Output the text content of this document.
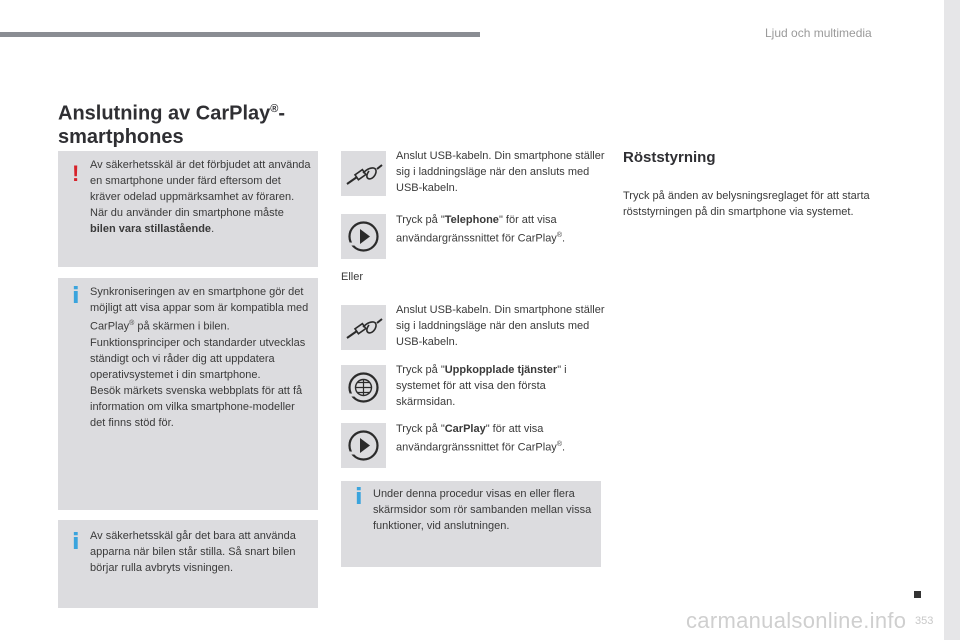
Ljud och multimedia
Anslutning av CarPlay®-
smartphones
! Av säkerhetsskäl är det förbjudet att använda en smartphone under färd eftersom det kräver odelad uppmärksamhet av föraren.
När du använder din smartphone måste bilen vara stillastående.
i Synkroniseringen av en smartphone gör det möjligt att visa appar som är kompatibla med CarPlay® på skärmen i bilen.
Funktionsprinciper och standarder utvecklas ständigt och vi råder dig att uppdatera operativsystemet i din smartphone.
Besök märkets svenska webbplats för att få information om vilka smartphone-modeller det finns stöd för.
i Av säkerhetsskäl går det bara att använda apparna när bilen står stilla. Så snart bilen börjar rulla avbryts visningen.
Anslut USB-kabeln. Din smartphone ställer sig i laddningsläge när den ansluts med USB-kabeln.
Tryck på "Telephone" för att visa användargränssnittet för CarPlay®.
Eller
Anslut USB-kabeln. Din smartphone ställer sig i laddningsläge när den ansluts med USB-kabeln.
Tryck på "Uppkopplade tjänster" i systemet för att visa den första skärmsidan.
Tryck på "CarPlay" för att visa användargränssnittet för CarPlay®.
i Under denna procedur visas en eller flera skärmsidor som rör sambanden mellan vissa funktioner, vid anslutningen.
Röststyrning
Tryck på änden av belysningsreglaget för att starta röststyrningen på din smartphone via systemet.
carmanualsonline.info 353
